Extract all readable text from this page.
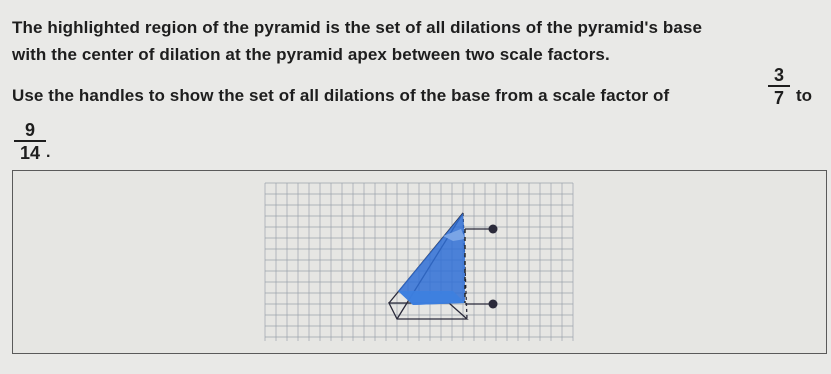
The highlighted region of the pyramid is the set of all dilations of the pyramid's base
with the center of dilation at the pyramid apex between two scale factors.
Use the handles to show the set of all dilations of the base from a scale factor of
3
7 to
9
14 .
